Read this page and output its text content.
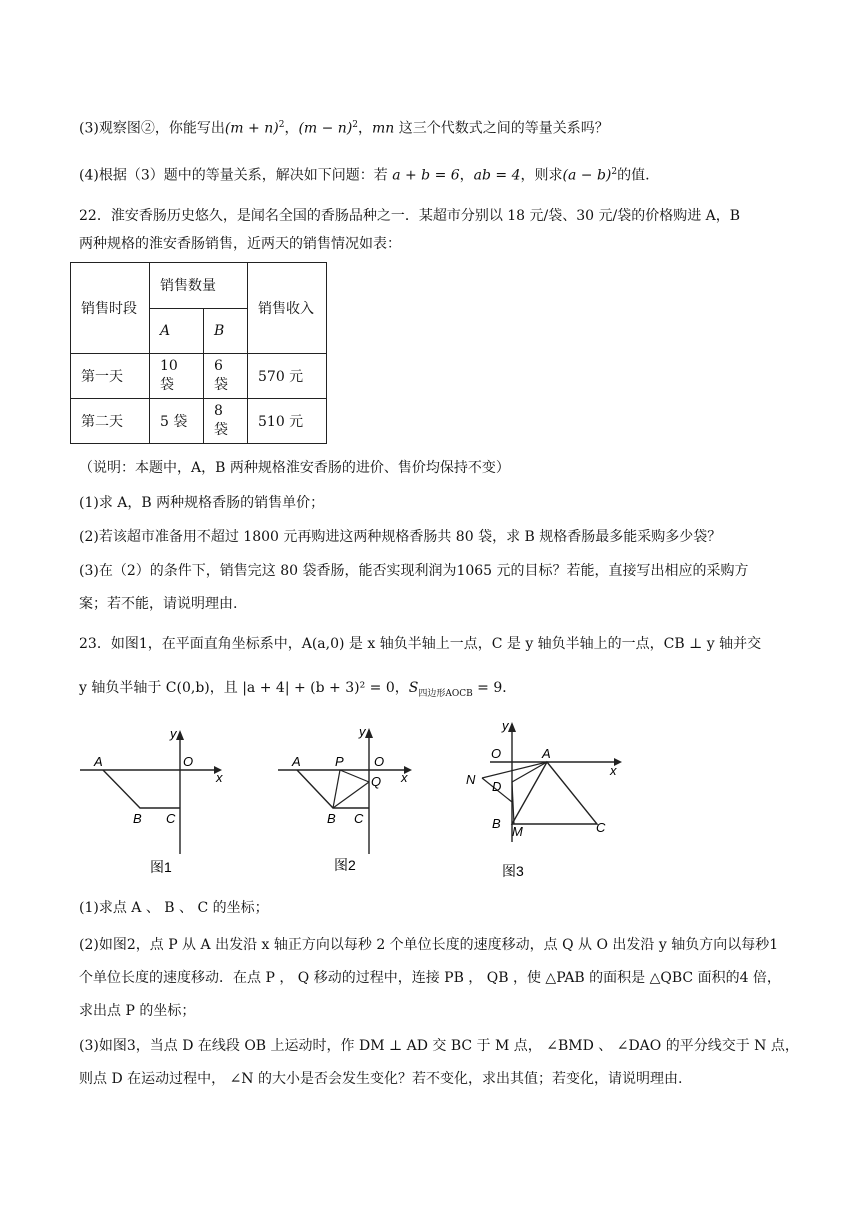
(3)观察图②，你能写出$(m + n)^2$，$(m - n)^2$，mn 这三个代数式之间的等量关系吗？
(4)根据（3）题中的等量关系，解决如下问题：若 a + b = 6，ab = 4，则求$(a - b)^2$的值.
22．淮安香肠历史悠久，是闻名全国的香肠品种之一．某超市分别以 18 元/袋、30 元/袋的价格购进 A，B
两种规格的淮安香肠销售，近两天的销售情况如表：
销售时段	销售数量		销售收入
	A	B	
第一天	10 袋	6 袋	570 元
第二天	5 袋	8 袋	510 元
（说明：本题中，A，B 两种规格淮安香肠的进价、售价均保持不变）
(1)求 A，B 两种规格香肠的销售单价；
(2)若该超市准备用不超过 1800 元再购进这两种规格香肠共 80 袋，求 B 规格香肠最多能采购多少袋？
(3)在（2）的条件下，销售完这 80 袋香肠，能否实现利润为1065 元的目标？若能，直接写出相应的采购方
案；若不能，请说明理由.
23．如图1，在平面直角坐标系中，A(a,0) 是 x 轴负半轴上一点，C 是 y 轴负半轴上的一点，CB ⊥ y 轴并交
y 轴负半轴于 C(0,b)，且 |a + 4| + (b + 3)² = 0，$S_{四边形AOCB} = 9$．
y
x
A	O
B C
图1
y
x
A	P O
Q
B C
图2
y
x
O	A
N D
B
M	C
图3
(1)求点 A 、 B 、 C 的坐标；
(2)如图2，点 P 从 A 出发沿 x 轴正方向以每秒 2 个单位长度的速度移动，点 Q 从 O 出发沿 y 轴负方向以每秒1
个单位长度的速度移动．在点 P ， Q 移动的过程中，连接 PB ， QB ，使 △PAB 的面积是 △QBC 面积的4 倍，
求出点 P 的坐标；
(3)如图3，当点 D 在线段 OB 上运动时，作 DM ⊥ AD 交 BC 于 M 点， ∠BMD 、 ∠DAO 的平分线交于 N 点，
则点 D 在运动过程中， ∠N 的大小是否会发生变化？若不变化，求出其值；若变化，请说明理由.
